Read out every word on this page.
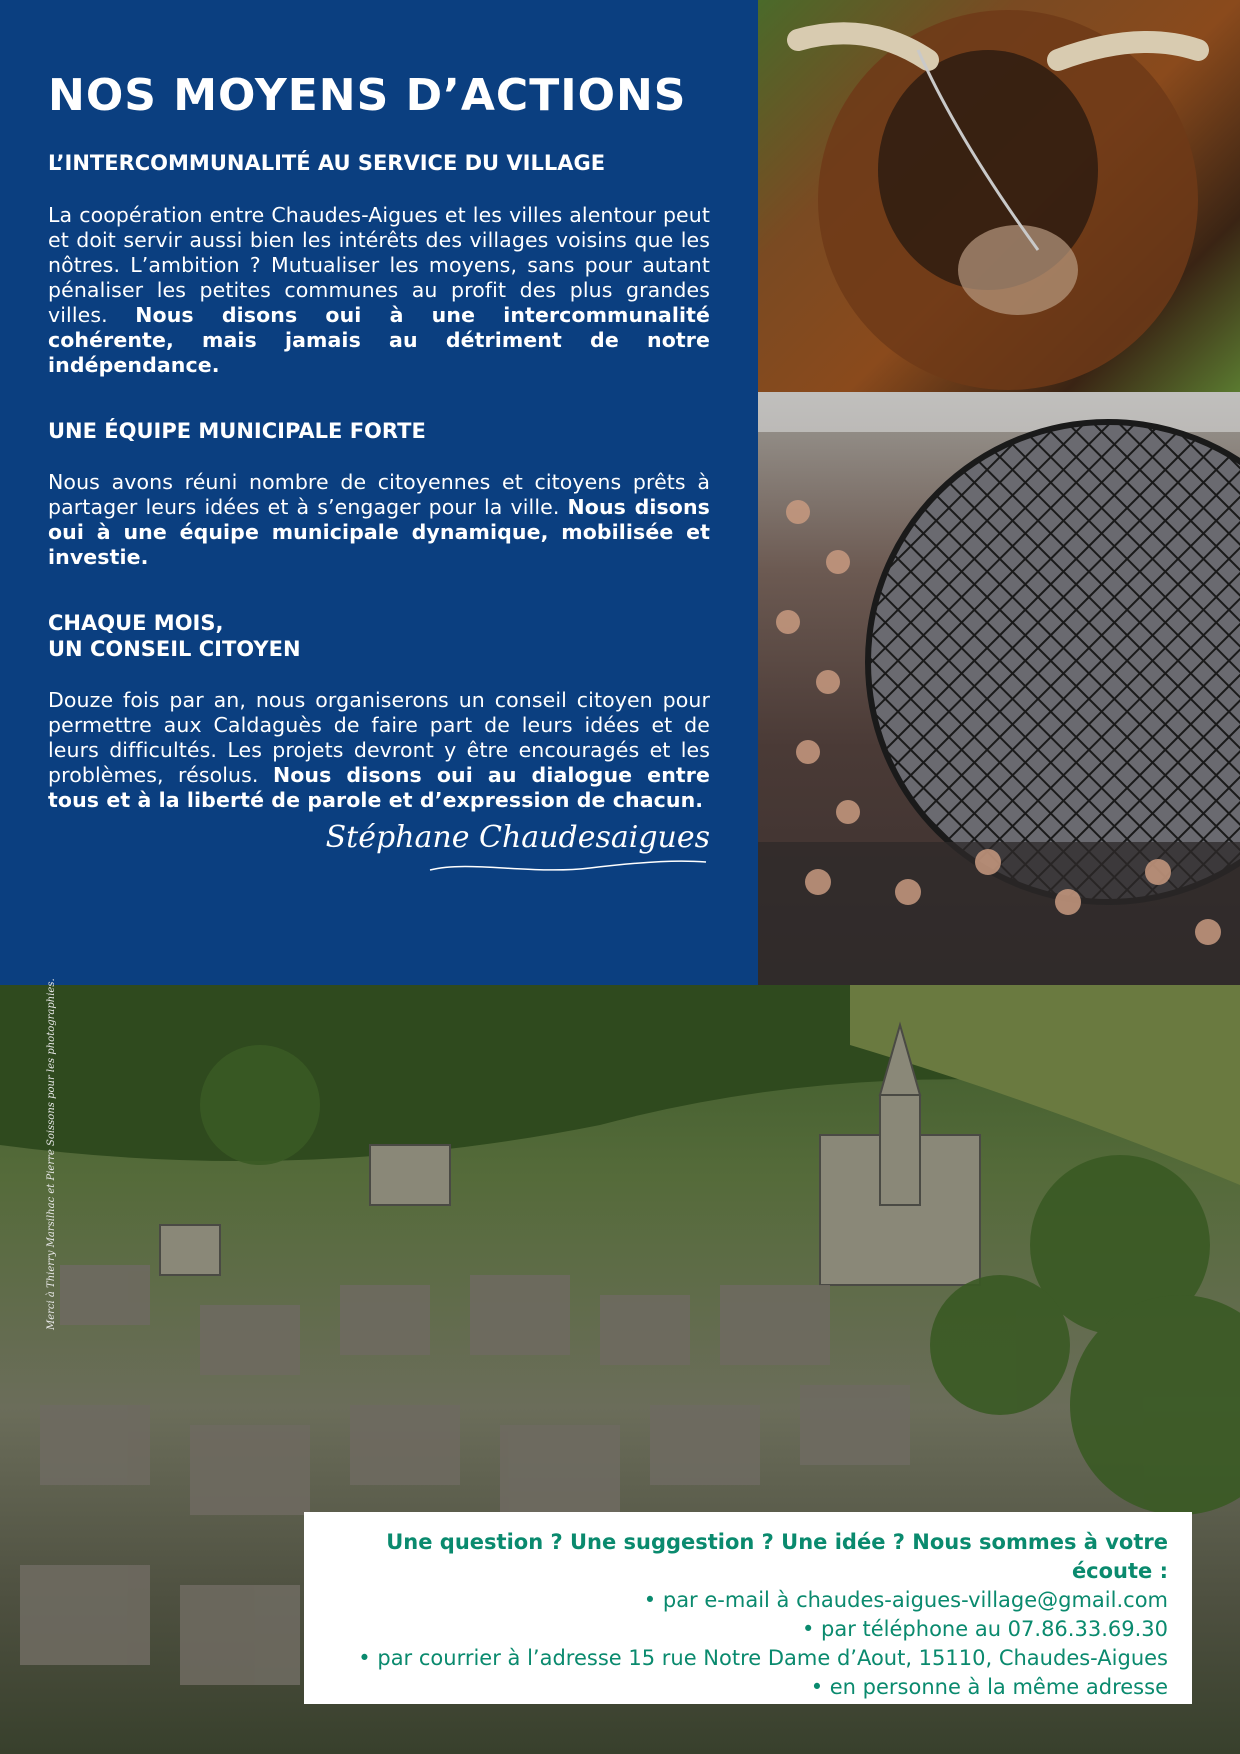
NOS MOYENS D’ACTIONS
L’INTERCOMMUNALITÉ AU SERVICE DU VILLAGE

La coopération entre Chaudes-Aigues et les villes alentour peut et doit servir aussi bien les intérêts des villages voisins que les nôtres. L’ambition ? Mutualiser les moyens, sans pour autant pénaliser les petites communes au profit des plus grandes villes. Nous disons oui à une intercommunalité cohérente, mais jamais au détriment de notre indépendance.

UNE ÉQUIPE MUNICIPALE FORTE

Nous avons réuni nombre de citoyennes et citoyens prêts à partager leurs idées et à s’engager pour la ville. Nous disons oui à une équipe municipale dynamique, mobilisée et investie.

CHAQUE MOIS,
UN CONSEIL CITOYEN

Douze fois par an, nous organiserons un conseil citoyen pour permettre aux Caldaguès de faire part de leurs idées et de leurs difficultés. Les projets devront y être encouragés et les problèmes, résolus. Nous disons oui au dialogue entre tous et à la liberté de parole et d’expression de chacun.

Stéphane Chaudesaigues
Merci à Thierry Marsilhac et Pierre Soissons pour les photographies.
Une question ? Une suggestion ? Une idée ? Nous sommes à votre écoute :
• par e-mail à chaudes-aigues-village@gmail.com
• par téléphone au 07.86.33.69.30
• par courrier à l’adresse 15 rue Notre Dame d’Aout, 15110, Chaudes-Aigues
• en personne à la même adresse
